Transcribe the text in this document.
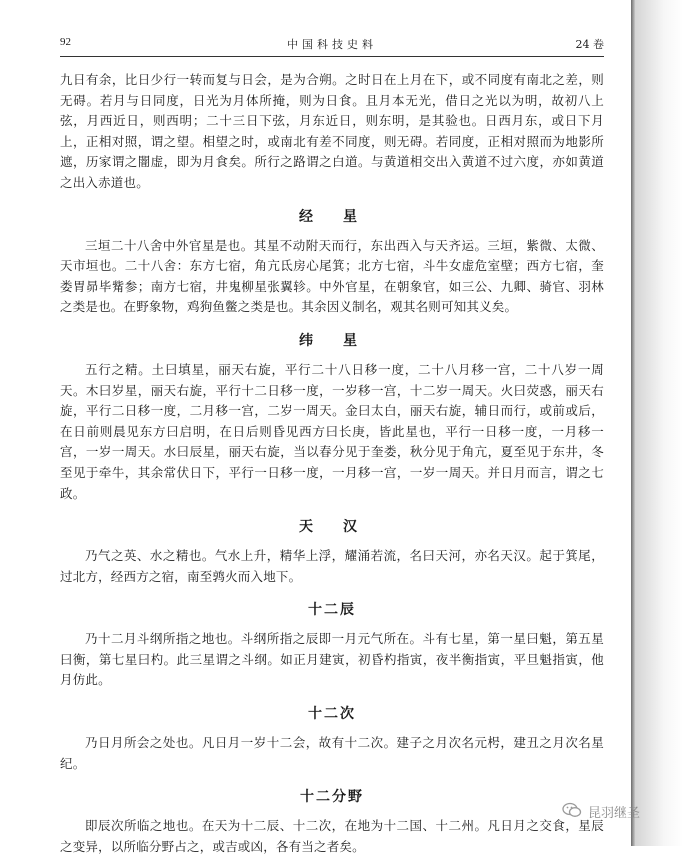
92	中国科技史料	24 卷

九日有余，比日少行一转而复与日会，是为合朔。之时日在上月在下，或不同度有南北之差，则无碍。若月与日同度，日光为月体所掩，则为日食。且月本无光，借日之光以为明，故初八上弦，月西近日，则西明；二十三日下弦，月东近日，则东明，是其验也。日西月东，或日下月上，正相对照，谓之望。相望之时，或南北有差不同度，则无碍。若同度，正相对照而为地影所遮，历家谓之闇虚，即为月食矣。所行之路谓之白道。与黄道相交出入黄道不过六度，亦如黄道之出入赤道也。

经　星

三垣二十八舍中外官星是也。其星不动附天而行，东出西入与天齐运。三垣，紫微、太微、天市垣也。二十八舍：东方七宿，角亢氐房心尾箕；北方七宿，斗牛女虚危室壁；西方七宿，奎娄胃昴毕觜参；南方七宿，井鬼柳星张翼轸。中外官星，在朝象官，如三公、九卿、骑官、羽林之类是也。在野象物，鸡狗鱼鳖之类是也。其余因义制名，观其名则可知其义矣。

纬　星

五行之精。土曰填星，丽天右旋，平行二十八日移一度，二十八月移一宫，二十八岁一周天。木曰岁星，丽天右旋，平行十二日移一度，一岁移一宫，十二岁一周天。火曰荧惑，丽天右旋，平行二日移一度，二月移一宫，二岁一周天。金曰太白，丽天右旋，辅日而行，或前或后，在日前则晨见东方曰启明，在日后则昏见西方曰长庚，皆此星也，平行一日移一度，一月移一宫，一岁一周天。水曰辰星，丽天右旋，当以春分见于奎娄，秋分见于角亢，夏至见于东井，冬至见于牵牛，其余常伏日下，平行一日移一度，一月移一宫，一岁一周天。并日月而言，谓之七政。

天　汉

乃气之英、水之精也。气水上升，精华上浮，耀涌若流，名曰天河，亦名天汉。起于箕尾，过北方，经西方之宿，南至鹑火而入地下。

十二辰

乃十二月斗纲所指之地也。斗纲所指之辰即一月元气所在。斗有七星，第一星曰魁，第五星曰衡，第七星曰杓。此三星谓之斗纲。如正月建寅，初昏杓指寅，夜半衡指寅，平旦魁指寅，他月仿此。

十二次

乃日月所会之处也。凡日月一岁十二会，故有十二次。建子之月次名元枵，建丑之月次名星纪。

十二分野

即辰次所临之地也。在天为十二辰、十二次，在地为十二国、十二州。凡日月之交食，星辰之变异，以所临分野占之，或吉或凶，各有当之者矣。

昆羽继圣
